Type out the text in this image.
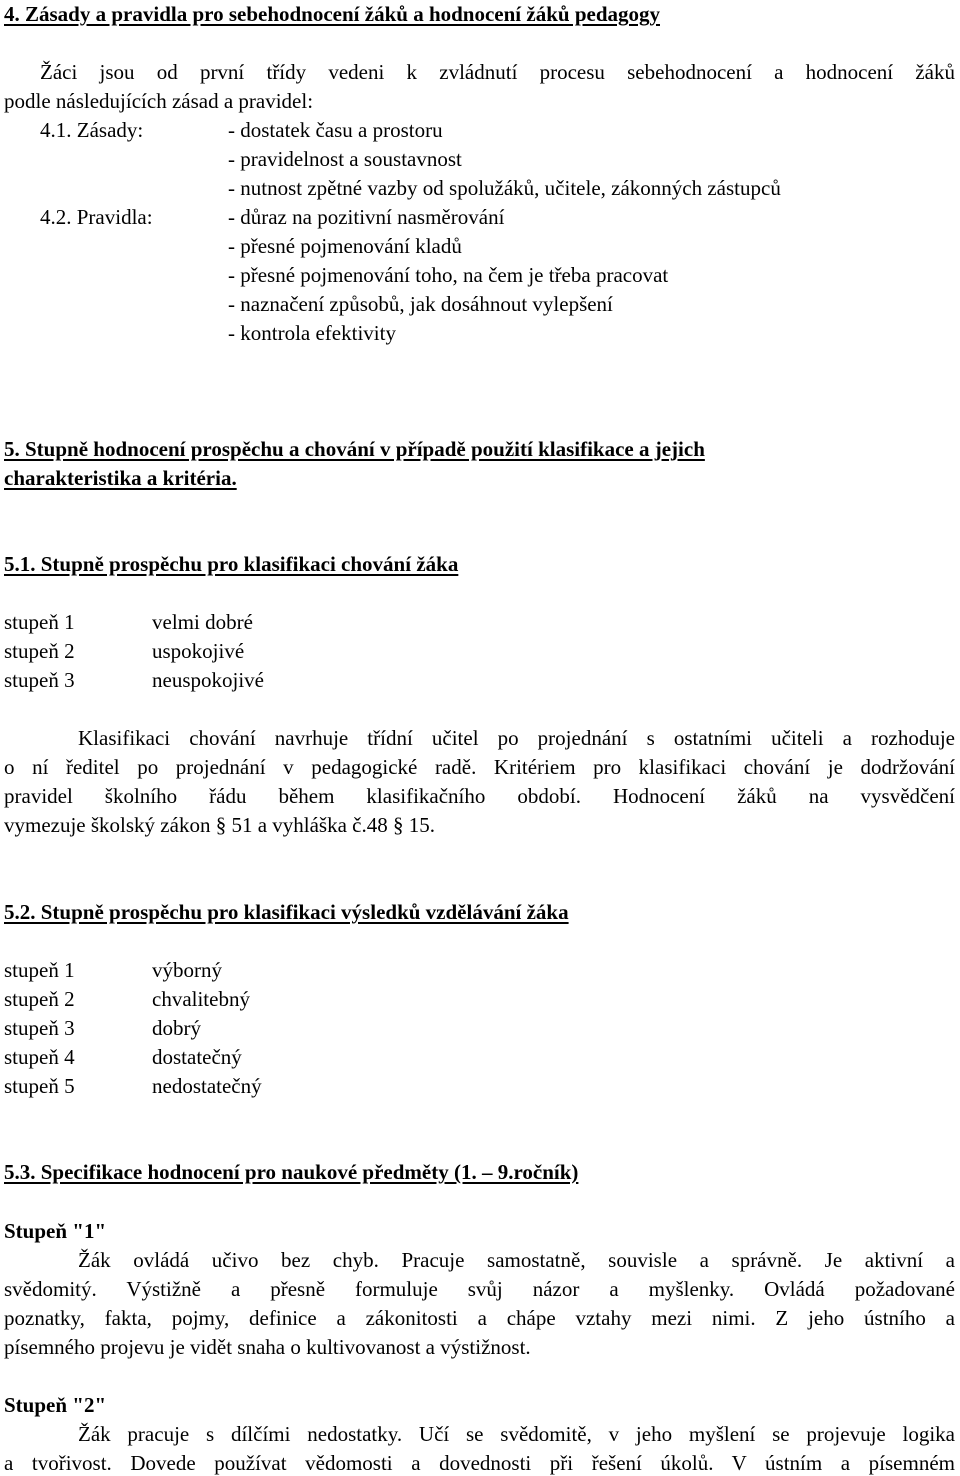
4. Zásady a pravidla pro sebehodnocení žáků a hodnocení žáků pedagogy
Žáci jsou od první třídy vedeni k zvládnutí procesu sebehodnocení a hodnocení žáků
podle následujících zásad a pravidel:
4.1. Zásady:	- dostatek času a prostoru
- pravidelnost a soustavnost
- nutnost zpětné vazby od spolužáků, učitele, zákonných zástupců
4.2. Pravidla:	- důraz na pozitivní nasměrování
- přesné pojmenování kladů
- přesné pojmenování toho, na čem je třeba pracovat
- naznačení způsobů, jak dosáhnout vylepšení
- kontrola efektivity
5. Stupně hodnocení prospěchu a chování v případě použití klasifikace a jejich
charakteristika a kritéria.
5.1. Stupně prospěchu pro klasifikaci chování žáka
stupeň 1	velmi dobré
stupeň 2	uspokojivé
stupeň 3	neuspokojivé
Klasifikaci chování navrhuje třídní učitel po projednání s ostatními učiteli a rozhoduje
o ní ředitel po projednání v pedagogické radě. Kritériem pro klasifikaci chování je dodržování
pravidel školního řádu během klasifikačního období. Hodnocení žáků na vysvědčení
vymezuje školský zákon § 51 a vyhláška č.48 § 15.
5.2. Stupně prospěchu pro klasifikaci výsledků vzdělávání žáka
stupeň 1	výborný
stupeň 2	chvalitebný
stupeň 3	dobrý
stupeň 4	dostatečný
stupeň 5	nedostatečný
5.3. Specifikace hodnocení pro naukové předměty (1. – 9.ročník)
Stupeň "1"
Žák ovládá učivo bez chyb. Pracuje samostatně, souvisle a správně. Je aktivní a
svědomitý. Výstižně a přesně formuluje svůj názor a myšlenky. Ovládá požadované
poznatky, fakta, pojmy, definice a zákonitosti a chápe vztahy mezi nimi. Z jeho ústního a
písemného projevu je vidět snaha o kultivovanost a výstižnost.
Stupeň "2"
Žák pracuje s dílčími nedostatky. Učí se svědomitě, v jeho myšlení se projevuje logika
a tvořivost. Dovede používat vědomosti a dovednosti při řešení úkolů. V ústním a písemném
